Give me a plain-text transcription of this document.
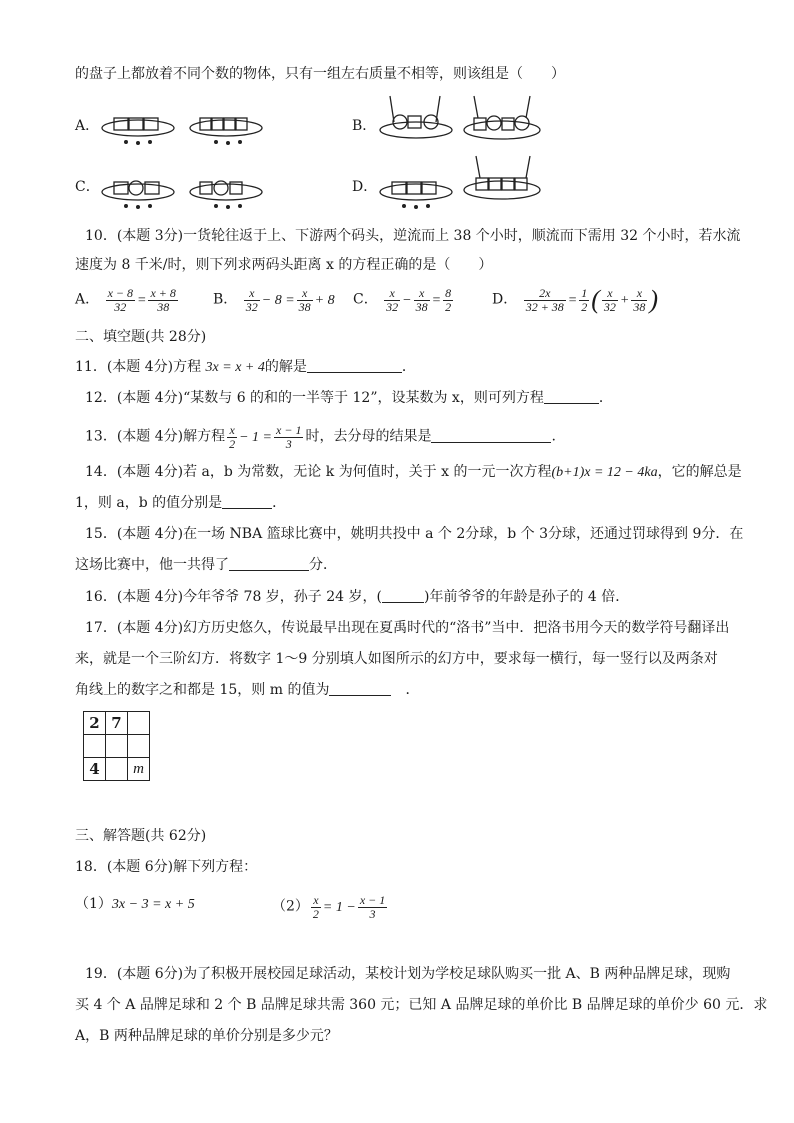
的盘子上都放着不同个数的物体，只有一组左右质量不相等，则该组是（　　）
A．	B．
C．	D．
10．(本题 3分)一货轮往返于上、下游两个码头，逆流而上 38 个小时，顺流而下需用 32 个小时，若水流
速度为 8 千米/时，则下列求两码头距离 x 的方程正确的是（　　）
A． $\frac{x - 8}{32} = \frac{x + 8}{38}$	B． $\frac{x}{32} - 8 = \frac{x}{38} + 8$ C． $\frac{x}{32} - \frac{x}{38} = \frac{8}{2}$	D． $\frac{2x}{32 + 38} = \frac{1}{2}$ ( $\frac{x}{32} + \frac{x}{38}$ )
二、填空题(共 28分)
11．(本题 4分)方程 3x = x + 4的解是	．
12．(本题 4分)“某数与 6 的和的一半等于 12”，设某数为 x，则可列方程	．
13．(本题 4分)解方程 $\frac{x}{2} - 1 = \frac{x - 1}{3}$ 时，去分母的结果是	.
14．(本题 4分)若 a，b 为常数，无论 k 为何值时，关于 x 的一元一次方程(b+1)x = 12 − 4ka，它的解总是
1，则 a，b 的值分别是	．
15．(本题 4分)在一场 NBA 篮球比赛中，姚明共投中 a 个 2分球，b 个 3分球，还通过罚球得到 9分．在
这场比赛中，他一共得了	分．
16．(本题 4分)今年爷爷 78 岁，孙子 24 岁，(	)年前爷爷的年龄是孙子的 4 倍．
17．(本题 4分)幻方历史悠久，传说最早出现在夏禹时代的“洛书”当中．把洛书用今天的数学符号翻译出
来，就是一个三阶幻方．将数字 1～9 分别填人如图所示的幻方中，要求每一横行，每一竖行以及两条对
角线上的数字之和都是 15，则 m 的值为	　．
2	7	

4		m
三、解答题(共 62分)
18．(本题 6分)解下列方程：
（1）3x − 3 = x + 5	$(2) \frac{x}{2} = 1 - \frac{x - 1}{3}$
19．(本题 6分)为了积极开展校园足球活动，某校计划为学校足球队购买一批 A、B 两种品牌足球，现购
买 4 个 A 品牌足球和 2 个 B 品牌足球共需 360 元；已知 A 品牌足球的单价比 B 品牌足球的单价少 60 元．求
A，B 两种品牌足球的单价分别是多少元？
